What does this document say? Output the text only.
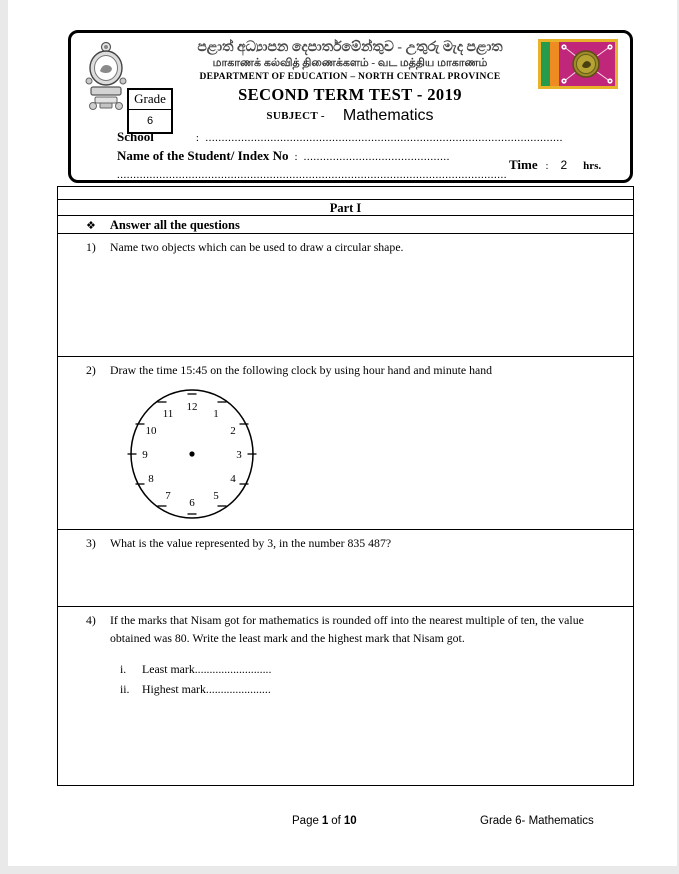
පළාත් අධ්‍යාපන දෙපාර්තමේන්තුව - උතුරු මැද පළාත
மாகாணக் கல்வித் திணைக்களம் - வட மத்திய மாகாணம்
DEPARTMENT OF EDUCATION – NORTH CENTRAL PROVINCE
SECOND TERM TEST - 2019
SUBJECT - Mathematics
Grade
6
School	: ..............................................................................................................
Name of the Student/ Index No : .............................................
........................................................................................................................
Time : 2 hrs.
Part I
❖ Answer all the questions
1)	Name two objects which can be used to draw a circular shape.
2)	Draw the time 15:45 on the following clock by using hour hand and minute hand
12
1
2
3
4
5
6
7
8
9
10
11
3)	What is the value represented by 3, in the number 835 487?
4)	If the marks that Nisam got for mathematics is rounded off into the nearest multiple of ten, the value obtained was 80. Write the least mark and the highest mark that Nisam got.
i.	Least mark..........................
ii.	Highest mark......................
Page 1 of 10	Grade 6- Mathematics
